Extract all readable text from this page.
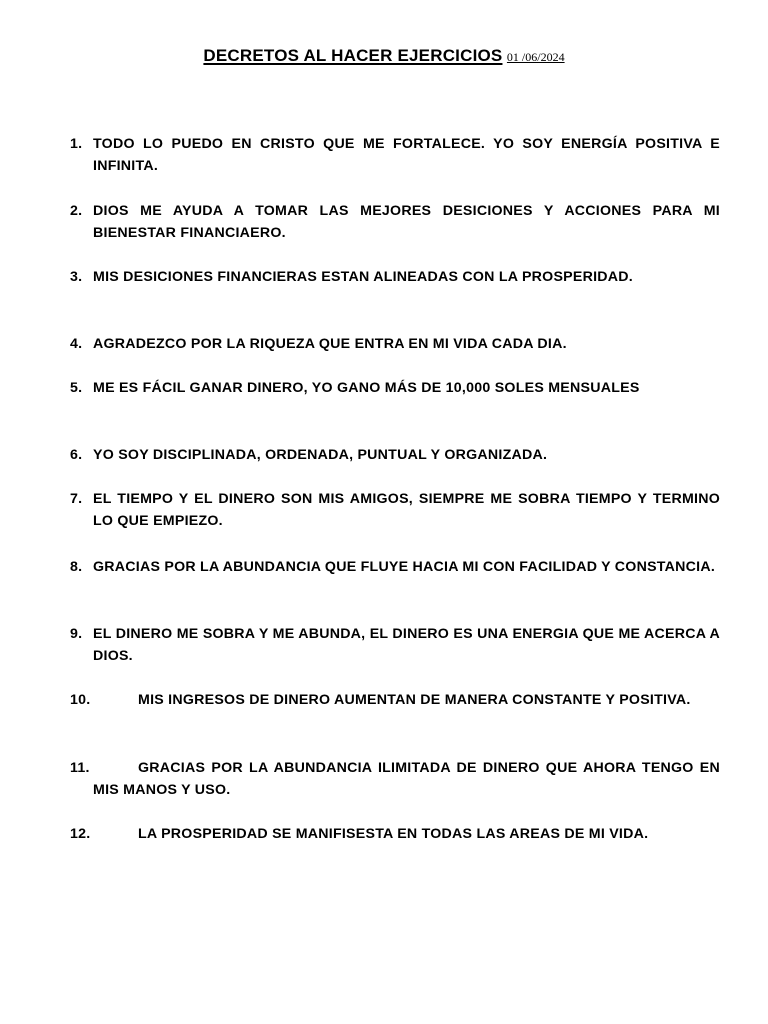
DECRETOS AL HACER EJERCICIOS 01 /06/2024
1. TODO LO PUEDO EN CRISTO QUE ME FORTALECE. YO SOY ENERGÍA POSITIVA E INFINITA.
2. DIOS ME AYUDA A TOMAR LAS MEJORES DESICIONES Y ACCIONES PARA MI BIENESTAR FINANCIAERO.
3. MIS DESICIONES FINANCIERAS ESTAN ALINEADAS CON LA PROSPERIDAD.
4. AGRADEZCO POR LA RIQUEZA QUE ENTRA EN MI VIDA CADA DIA.
5. ME ES FÁCIL GANAR DINERO, YO GANO MÁS DE 10,000 SOLES MENSUALES
6. YO SOY DISCIPLINADA, ORDENADA, PUNTUAL Y ORGANIZADA.
7. EL TIEMPO Y EL DINERO SON MIS AMIGOS, SIEMPRE ME SOBRA TIEMPO Y TERMINO LO QUE EMPIEZO.
8. GRACIAS POR LA ABUNDANCIA QUE FLUYE HACIA MI CON FACILIDAD Y CONSTANCIA.
9. EL DINERO ME SOBRA Y ME ABUNDA, EL DINERO ES UNA ENERGIA QUE ME ACERCA A DIOS.
10.	MIS INGRESOS DE DINERO AUMENTAN DE MANERA CONSTANTE Y POSITIVA.
11.	GRACIAS POR LA ABUNDANCIA ILIMITADA DE DINERO QUE AHORA TENGO EN MIS MANOS Y USO.
12.	LA PROSPERIDAD SE MANIFISESTA EN TODAS LAS AREAS DE MI VIDA.
